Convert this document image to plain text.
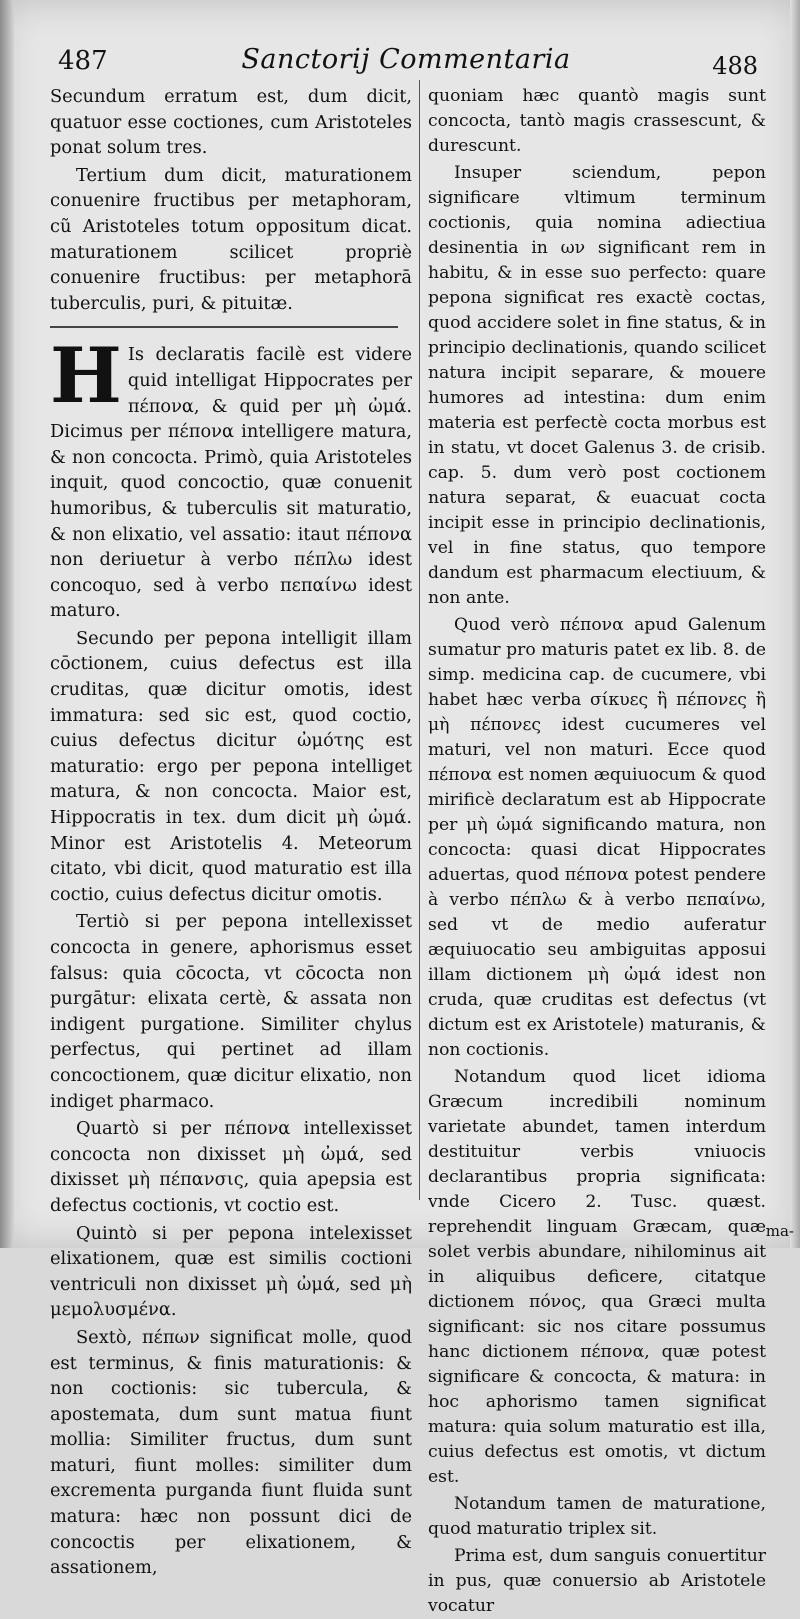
487	Sanctorij Commentaria	488

Secundum erratum est, dum dicit, quatuor esse coctiones, cum Aristoteles ponat solum tres.

Tertium dum dicit, maturationem conuenire fructibus per metaphoram, cũ Aristoteles totum oppositum dicat. maturationem scilicet propriè conuenire fructibus: per metaphorā tuberculis, puri, & pituitæ.

H Is declaratis facilè est videre quid intelligat Hippocrates per πέπονα, & quid per μὴ ὠμά. Dicimus per πέπονα intelligere matura, & non concocta. Primò, quia Aristoteles inquit, quod concoctio, quæ conuenit humoribus, & tuberculis sit maturatio, & non elixatio, vel assatio: itaut πέπονα non deriuetur à verbo πέπλω idest concoquo, sed à verbo πεπαίνω idest maturo.

Secundo per pepona intelligit illam cōctionem, cuius defectus est illa cruditas, quæ dicitur omotis, idest immatura: sed sic est, quod coctio, cuius defectus dicitur ὠμότης est maturatio: ergo per pepona intelliget matura, & non concocta. Maior est, Hippocratis in tex. dum dicit μὴ ὠμά. Minor est Aristotelis 4. Meteorum citato, vbi dicit, quod maturatio est illa coctio, cuius defectus dicitur omotis.

Tertiò si per pepona intellexisset concocta in genere, aphorismus esset falsus: quia cōcocta, vt cōcocta non purgātur: elixata certè, & assata non indigent purgatione. Similiter chylus perfectus, qui pertinet ad illam concoctionem, quæ dicitur elixatio, non indiget pharmaco.

Quartò si per πέπονα intellexisset concocta non dixisset μὴ ὠμά, sed dixisset μὴ πέπανσις, quia apepsia est defectus coctionis, vt coctio est.

Quintò si per pepona intelexisset elixationem, quæ est similis coctioni ventriculi non dixisset μὴ ὠμά, sed μὴ μεμολυσμένα.

Sextò, πέπων significat molle, quod est terminus, & finis maturationis: & non coctionis: sic tubercula, & apostemata, dum sunt matua fiunt mollia: Similiter fructus, dum sunt maturi, fiunt molles: similiter dum excrementa purganda fiunt fluida sunt matura: hæc non possunt dici de concoctis per elixationem, & assationem,

quoniam hæc quantò magis sunt concocta, tantò magis crassescunt, & durescunt.

Insuper sciendum, pepon significare vltimum terminum coctionis, quia nomina adiectiua desinentia in ων significant rem in habitu, & in esse suo perfecto: quare pepona significat res exactè coctas, quod accidere solet in fine status, & in principio declinationis, quando scilicet natura incipit separare, & mouere humores ad intestina: dum enim materia est perfectè cocta morbus est in statu, vt docet Galenus 3. de crisib. cap. 5. dum verò post coctionem natura separat, & euacuat cocta incipit esse in principio declinationis, vel in fine status, quo tempore dandum est pharmacum electiuum, & non ante.

Quod verò πέπονα apud Galenum sumatur pro maturis patet ex lib. 8. de simp. medicina cap. de cucumere, vbi habet hæc verba σίκυες ἢ πέπονες ἢ μὴ πέπονες idest cucumeres vel maturi, vel non maturi. Ecce quod πέπονα est nomen æquiuocum & quod mirificè declaratum est ab Hippocrate per μὴ ὠμά significando matura, non concocta: quasi dicat Hippocrates aduertas, quod πέπονα potest pendere à verbo πέπλω & à verbo πεπαίνω, sed vt de medio auferatur æquiuocatio seu ambiguitas apposui illam dictionem μὴ ὠμά idest non cruda, quæ cruditas est defectus (vt dictum est ex Aristotele) maturanis, & non coctionis.

Notandum quod licet idioma Græcum incredibili nominum varietate abundet, tamen interdum destituitur verbis vniuocis declarantibus propria significata: vnde Cicero 2. Tusc. quæst. reprehendit linguam Græcam, quæ solet verbis abundare, nihilominus ait in aliquibus deficere, citatque dictionem πόνος, qua Græci multa significant: sic nos citare possumus hanc dictionem πέπονα, quæ potest significare & concocta, & matura: in hoc aphorismo tamen significat matura: quia solum maturatio est illa, cuius defectus est omotis, vt dictum est.

Notandum tamen de maturatione, quod maturatio triplex sit.

Prima est, dum sanguis conuertitur in pus, quæ conuersio ab Aristotele vocatur

ma-
